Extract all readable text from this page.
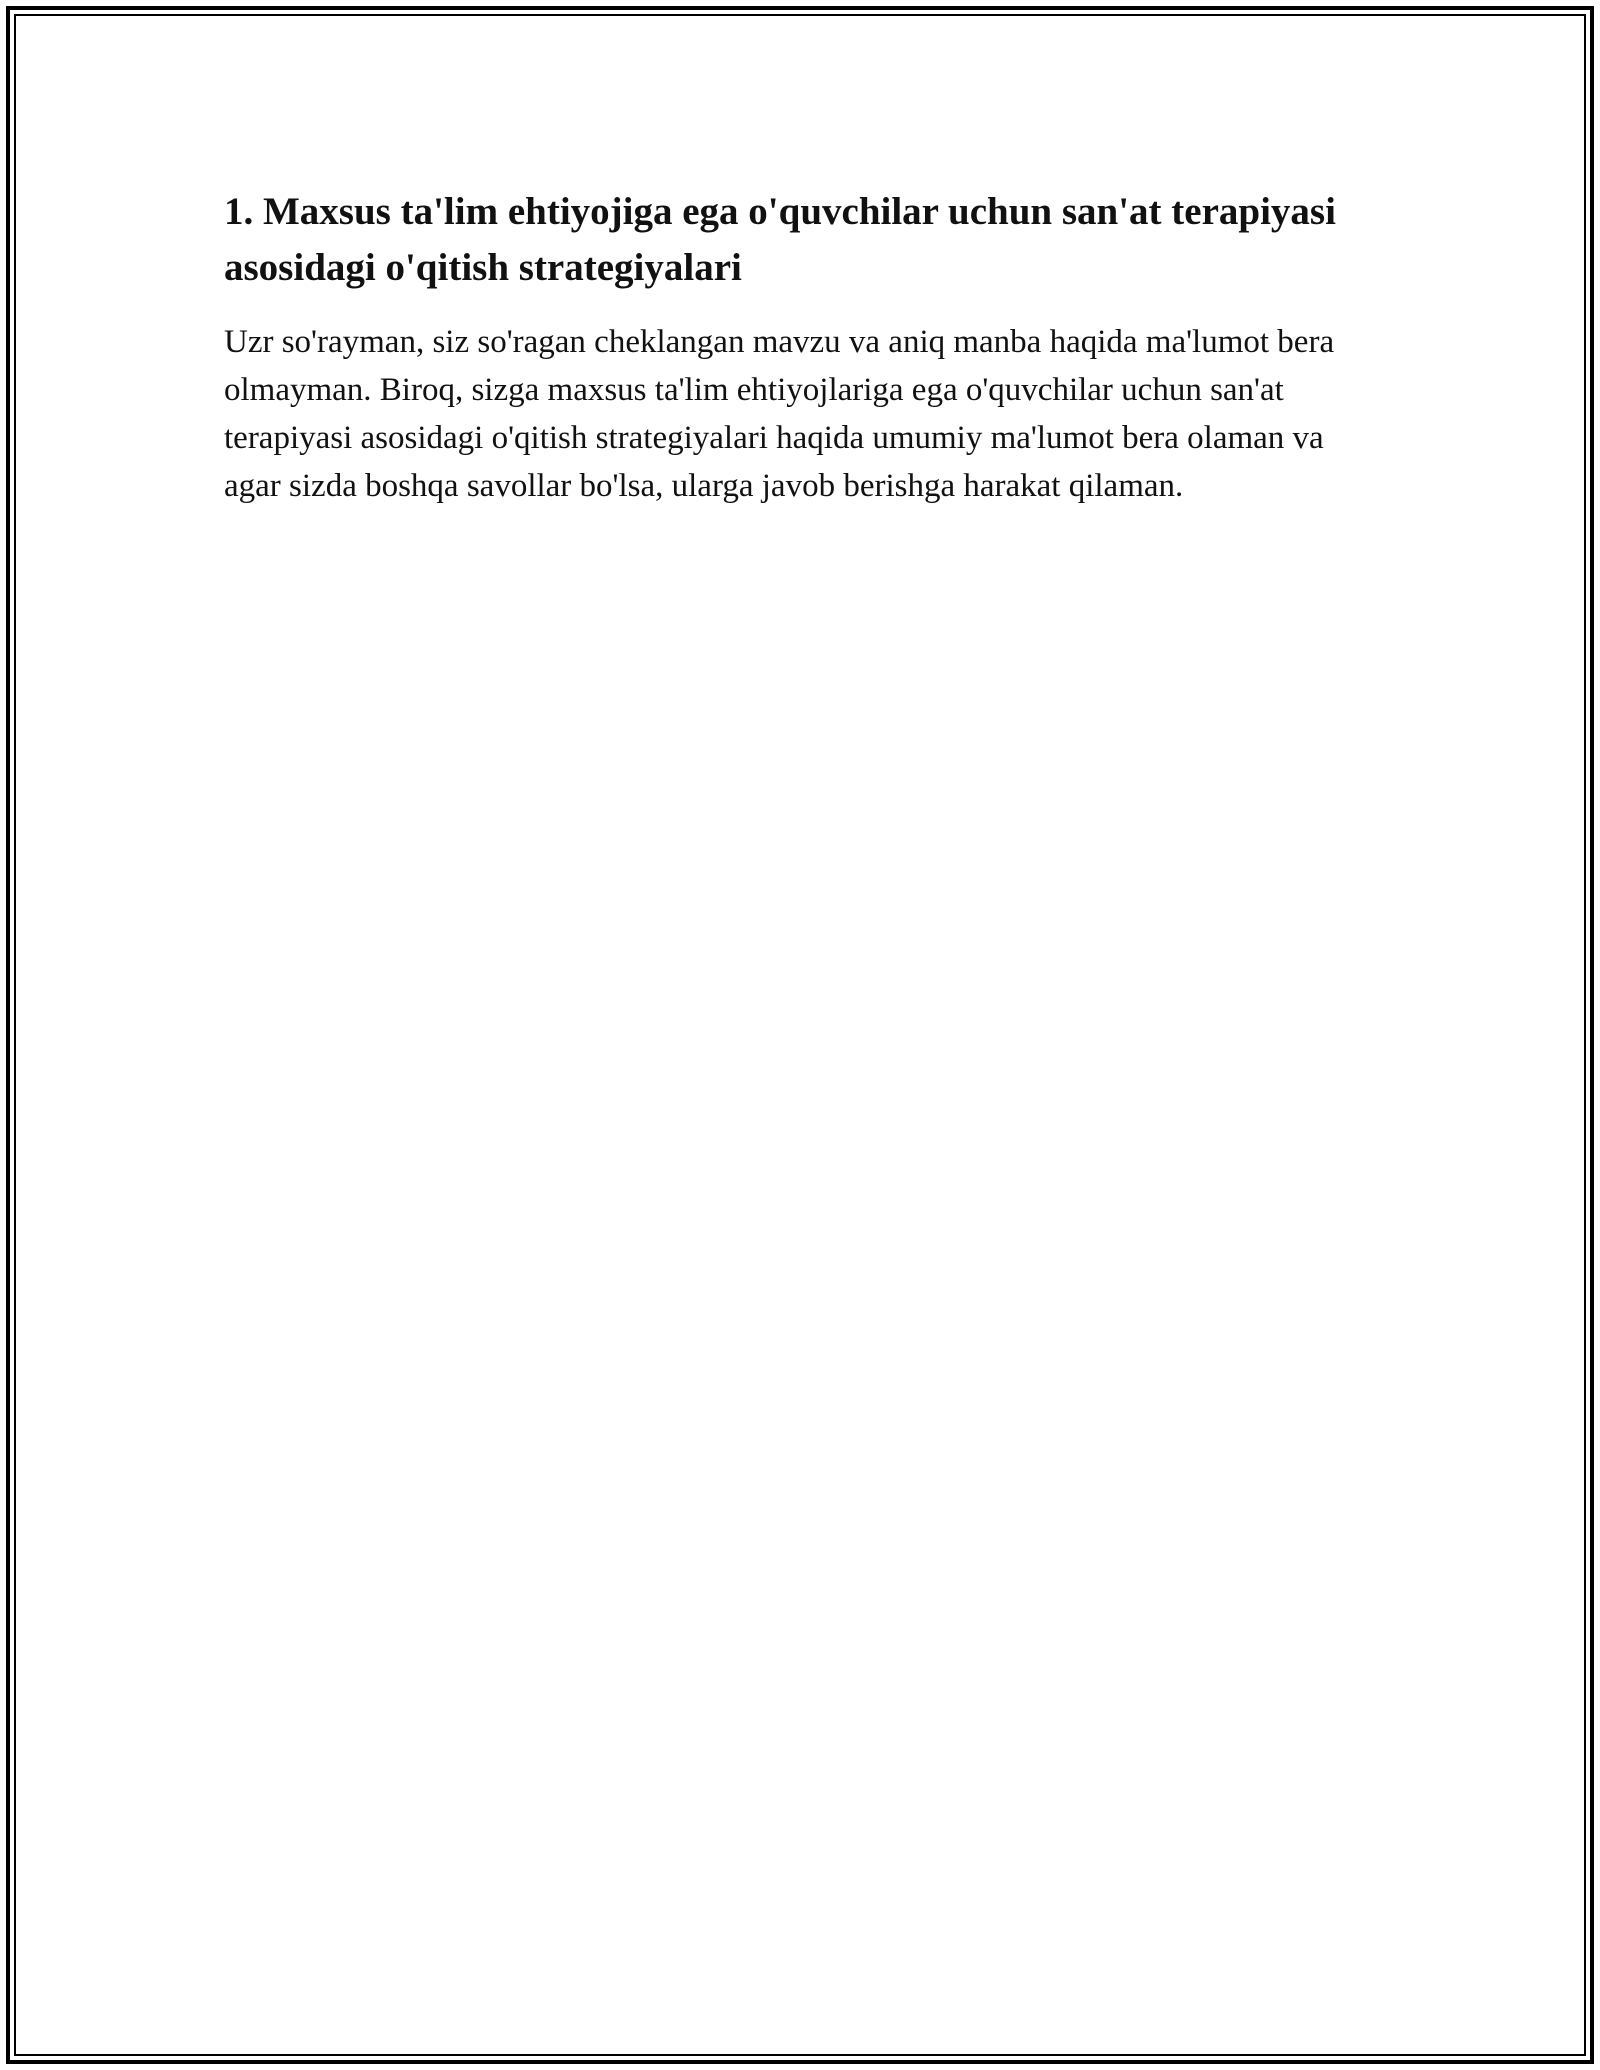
1. Maxsus ta'lim ehtiyojiga ega o'quvchilar uchun san'at terapiyasi asosidagi o'qitish strategiyalari

Uzr so'rayman, siz so'ragan cheklangan mavzu va aniq manba haqida ma'lumot bera olmayman. Biroq, sizga maxsus ta'lim ehtiyojlariga ega o'quvchilar uchun san'at terapiyasi asosidagi o'qitish strategiyalari haqida umumiy ma'lumot bera olaman va agar sizda boshqa savollar bo'lsa, ularga javob berishga harakat qilaman.
